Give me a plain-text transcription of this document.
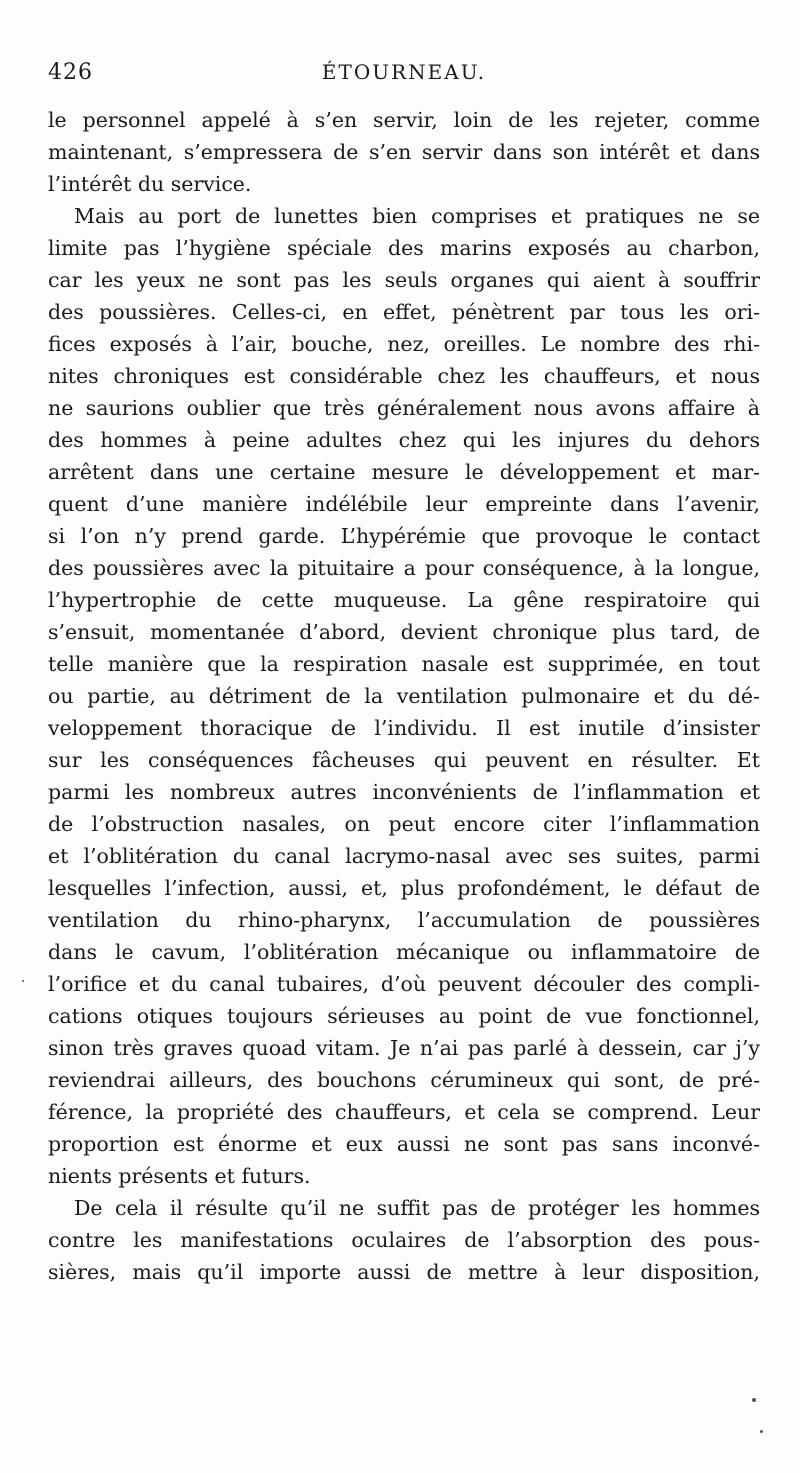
426	ÉTOURNEAU.
le personnel appelé à s’en servir, loin de les rejeter, comme
maintenant, s’empressera de s’en servir dans son intérêt et dans
l’intérêt du service.
Mais au port de lunettes bien comprises et pratiques ne se
limite pas l’hygiène spéciale des marins exposés au charbon,
car les yeux ne sont pas les seuls organes qui aient à souffrir
des poussières. Celles-ci, en effet, pénètrent par tous les ori-
fices exposés à l’air, bouche, nez, oreilles. Le nombre des rhi-
nites chroniques est considérable chez les chauffeurs, et nous
ne saurions oublier que très généralement nous avons affaire à
des hommes à peine adultes chez qui les injures du dehors
arrêtent dans une certaine mesure le développement et mar-
quent d’une manière indélébile leur empreinte dans l’avenir,
si l’on n’y prend garde. L’hypérémie que provoque le contact
des poussières avec la pituitaire a pour conséquence, à la longue,
l’hypertrophie de cette muqueuse. La gêne respiratoire qui
s’ensuit, momentanée d’abord, devient chronique plus tard, de
telle manière que la respiration nasale est supprimée, en tout
ou partie, au détriment de la ventilation pulmonaire et du dé-
veloppement thoracique de l’individu. Il est inutile d’insister
sur les conséquences fâcheuses qui peuvent en résulter. Et
parmi les nombreux autres inconvénients de l’inflammation et
de l’obstruction nasales, on peut encore citer l’inflammation
et l’oblitération du canal lacrymo-nasal avec ses suites, parmi
lesquelles l’infection, aussi, et, plus profondément, le défaut de
ventilation du rhino-pharynx, l’accumulation de poussières
dans le cavum, l’oblitération mécanique ou inflammatoire de
l’orifice et du canal tubaires, d’où peuvent découler des compli-
cations otiques toujours sérieuses au point de vue fonctionnel,
sinon très graves quoad vitam. Je n’ai pas parlé à dessein, car j’y
reviendrai ailleurs, des bouchons cérumineux qui sont, de pré-
férence, la propriété des chauffeurs, et cela se comprend. Leur
proportion est énorme et eux aussi ne sont pas sans inconvé-
nients présents et futurs.
De cela il résulte qu’il ne suffit pas de protéger les hommes
contre les manifestations oculaires de l’absorption des pous-
sières, mais qu’il importe aussi de mettre à leur disposition,
